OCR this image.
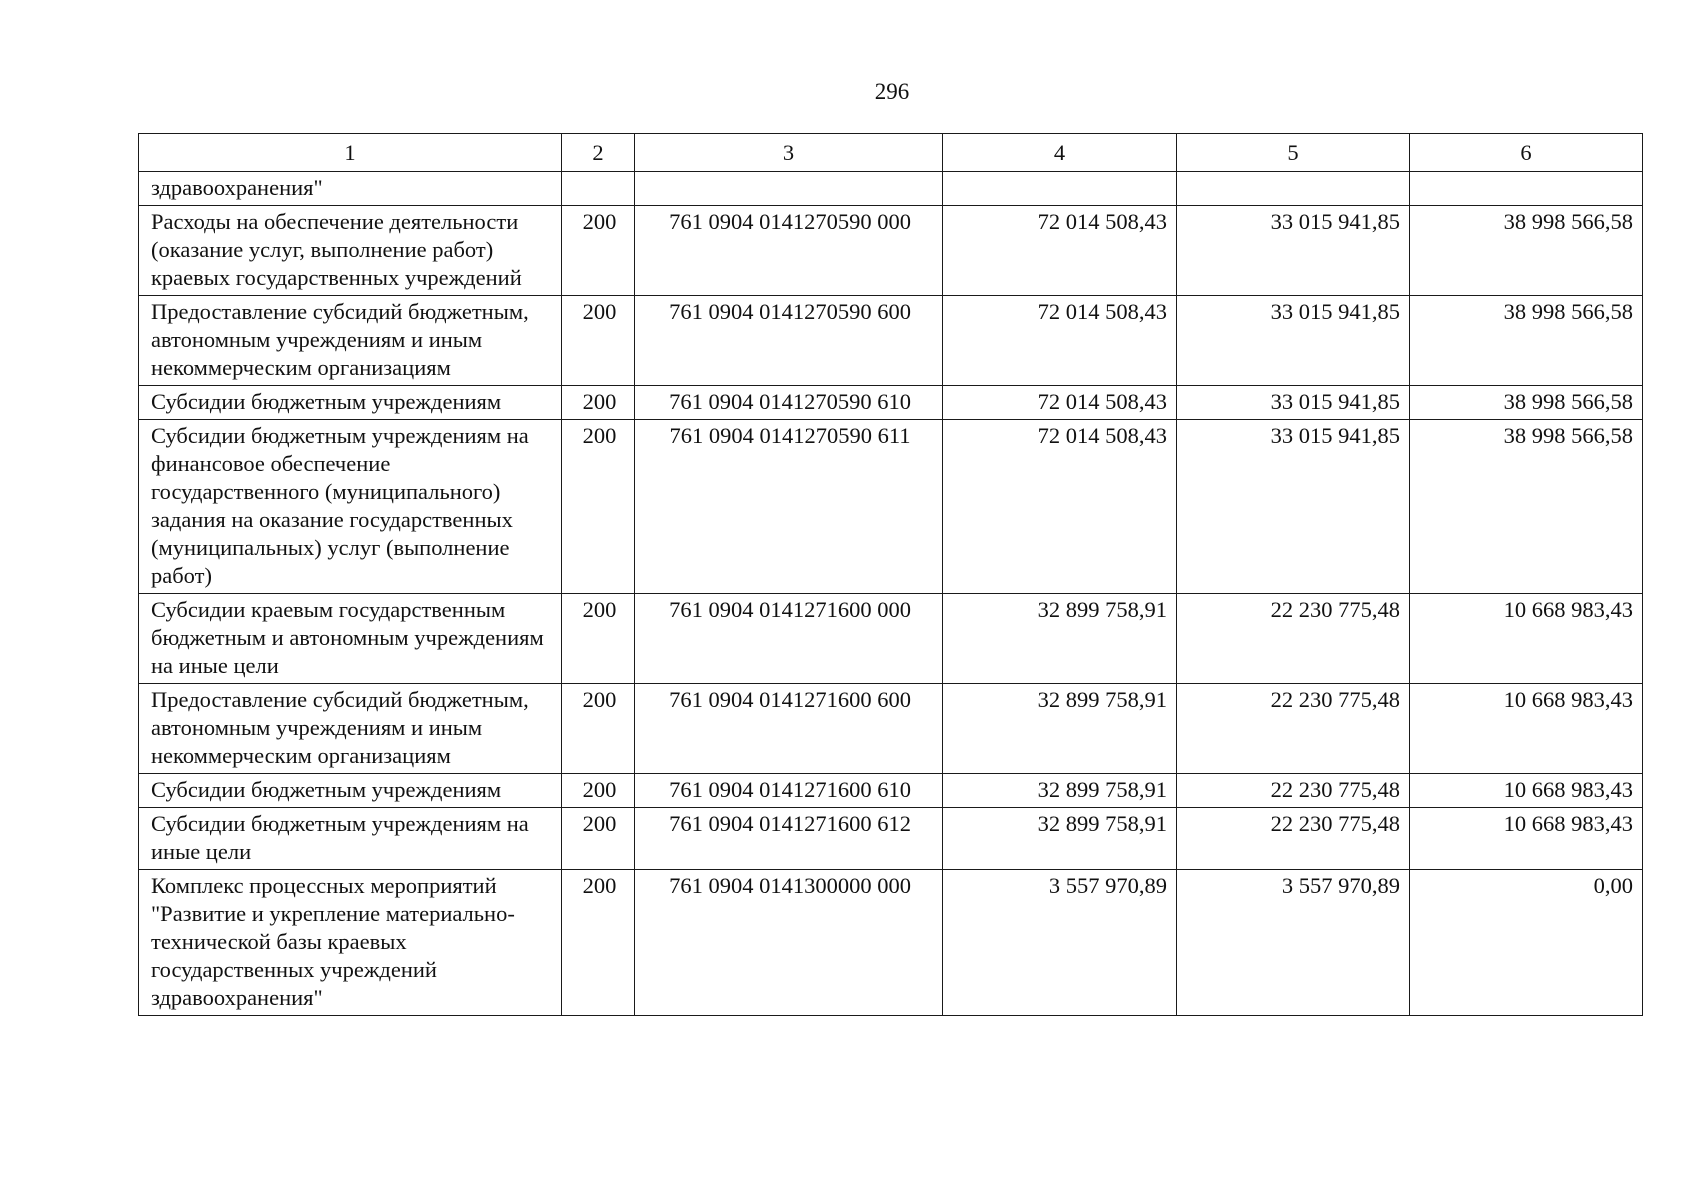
296
1	2	3	4	5	6
здравоохранения"					
Расходы на обеспечение деятельности (оказание услуг, выполнение работ) краевых государственных учреждений	200	761 0904 0141270590 000	72 014 508,43	33 015 941,85	38 998 566,58
Предоставление субсидий бюджетным, автономным учреждениям и иным некоммерческим организациям	200	761 0904 0141270590 600	72 014 508,43	33 015 941,85	38 998 566,58
Субсидии бюджетным учреждениям	200	761 0904 0141270590 610	72 014 508,43	33 015 941,85	38 998 566,58
Субсидии бюджетным учреждениям на финансовое обеспечение государственного (муниципального) задания на оказание государственных (муниципальных) услуг (выполнение работ)	200	761 0904 0141270590 611	72 014 508,43	33 015 941,85	38 998 566,58
Субсидии краевым государственным бюджетным и автономным учреждениям на иные цели	200	761 0904 0141271600 000	32 899 758,91	22 230 775,48	10 668 983,43
Предоставление субсидий бюджетным, автономным учреждениям и иным некоммерческим организациям	200	761 0904 0141271600 600	32 899 758,91	22 230 775,48	10 668 983,43
Субсидии бюджетным учреждениям	200	761 0904 0141271600 610	32 899 758,91	22 230 775,48	10 668 983,43
Субсидии бюджетным учреждениям на иные цели	200	761 0904 0141271600 612	32 899 758,91	22 230 775,48	10 668 983,43
Комплекс процессных мероприятий "Развитие и укрепление материально-технической базы краевых государственных учреждений здравоохранения"	200	761 0904 0141300000 000	3 557 970,89	3 557 970,89	0,00
